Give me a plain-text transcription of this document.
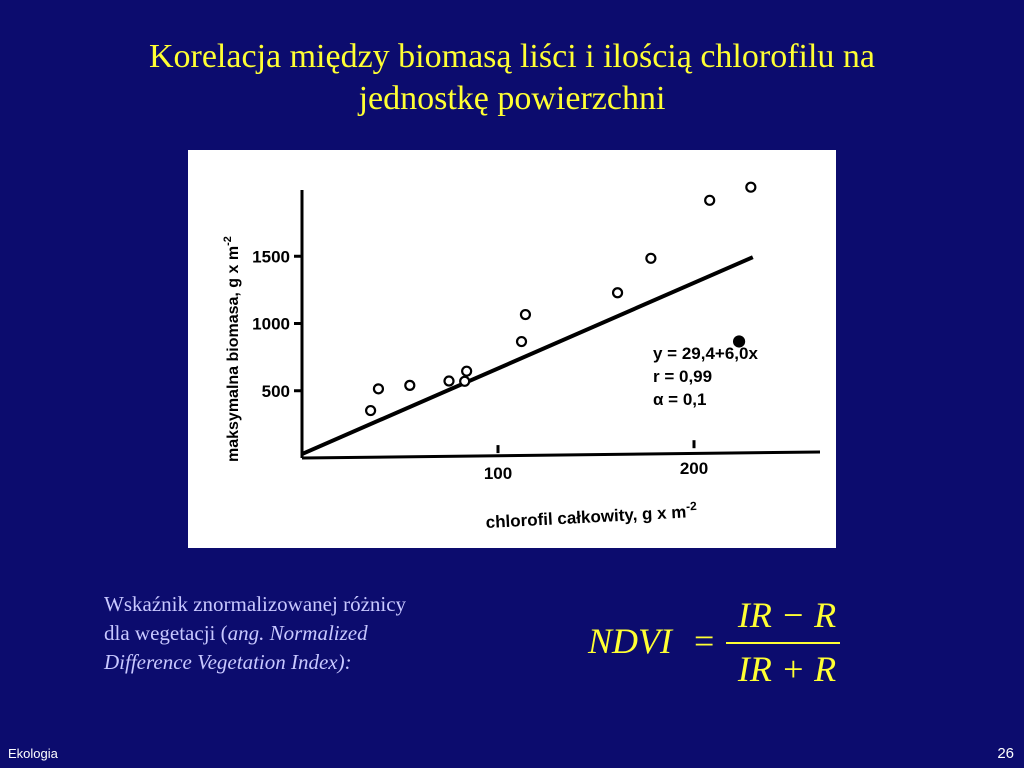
Korelacja między biomasą liści i ilością chlorofilu na
jednostkę powierzchni
500
1000
1500
100	200
y = 29,4+6,0x
r = 0,99
α = 0,1
chlorofil całkowity, g x $m^{-2}$
maksymalna biomasa, g x $m^{-2}$
Wskaźnik znormalizowanej różnicy
dla wegetacji (ang. Normalized
Difference Vegetation Index):
NDVI =
IR − R
IR + R
Ekologia	26
